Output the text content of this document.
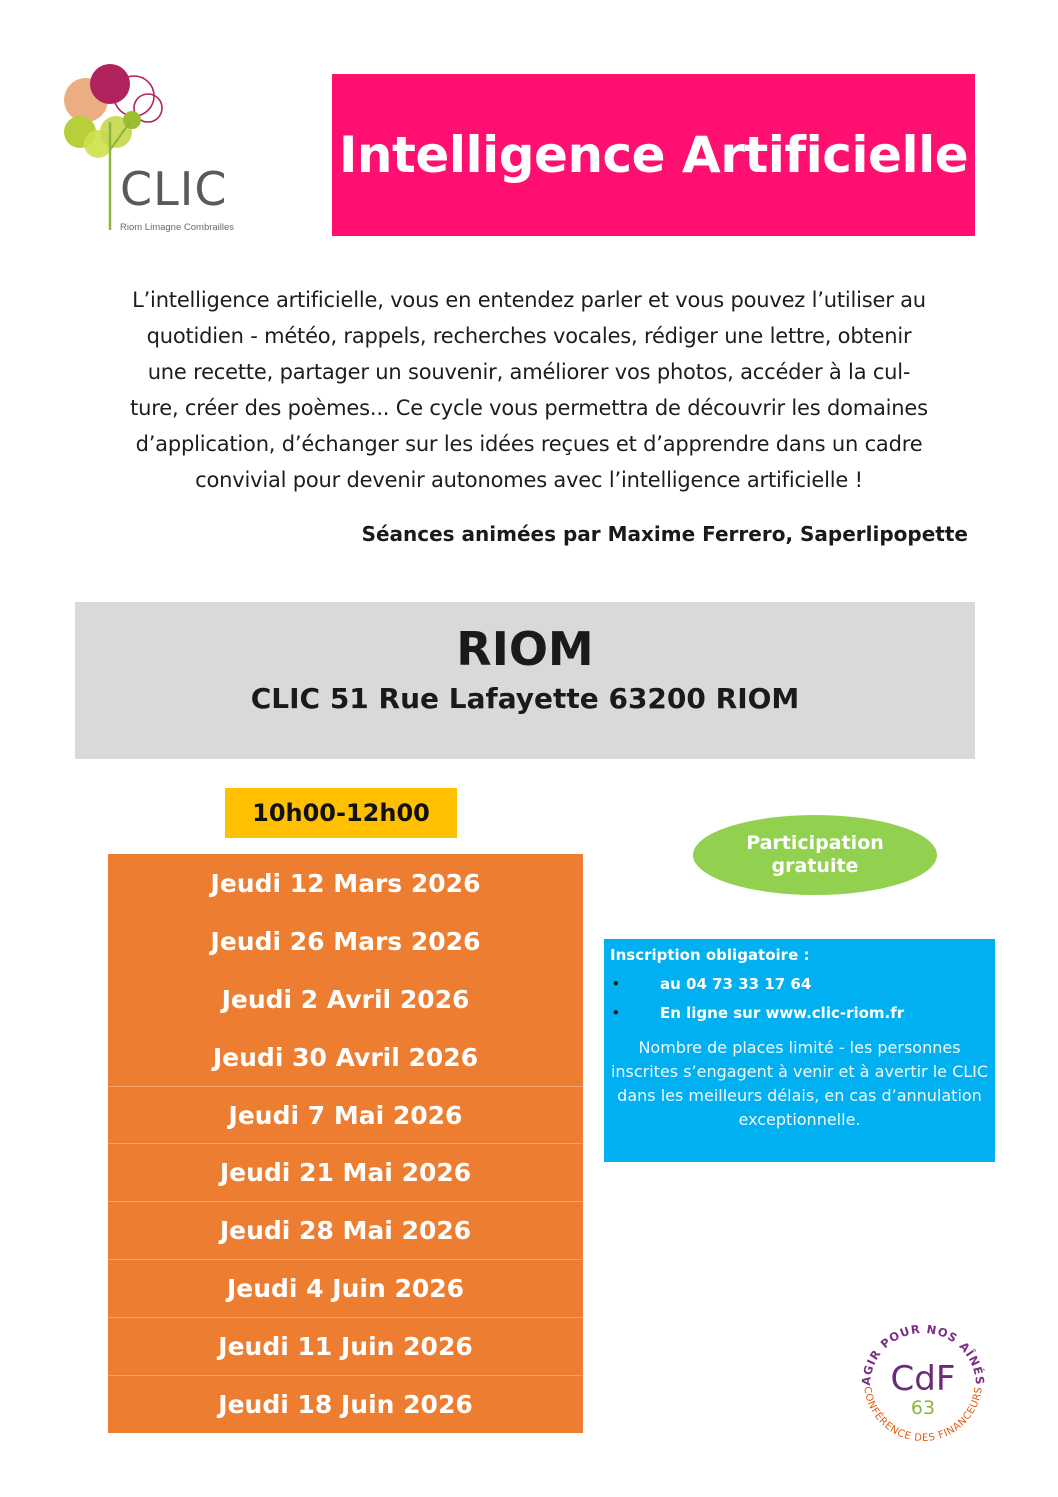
CLIC
Riom Limagne Combrailles
Intelligence Artificielle

L’intelligence artificielle, vous en entendez parler et vous pouvez l’utiliser au

quotidien - météo, rappels, recherches vocales, rédiger une lettre, obtenir

une recette, partager un souvenir, améliorer vos photos, accéder à la cul-

ture, créer des poèmes... Ce cycle vous permettra de découvrir les domaines

d’application, d’échanger sur les idées reçues et d’apprendre dans un cadre

convivial pour devenir autonomes avec l’intelligence artificielle !

Séances animées par Maxime Ferrero, Saperlipopette
RIOM
CLIC 51 Rue Lafayette 63200 RIOM
10h00-12h00
Jeudi 12 Mars 2026
Jeudi 26 Mars 2026
Jeudi 2 Avril 2026
Jeudi 30 Avril 2026
Jeudi 7 Mai 2026
Jeudi 21 Mai 2026
Jeudi 28 Mai 2026
Jeudi 4 Juin 2026
Jeudi 11 Juin 2026
Jeudi 18 Juin 2026
Participation
gratuite
Inscription obligatoire :
•	au 04 73 33 17 64
•	En ligne sur www.clic-riom.fr
Nombre de places limité - les personnes inscrites s’engagent à venir et à avertir le CLIC dans les meilleurs délais, en cas d’annulation exceptionnelle.
AGIR POUR NOS AÎNÉS
CONFÉRENCE DES FINANCEURS
CdF
63
